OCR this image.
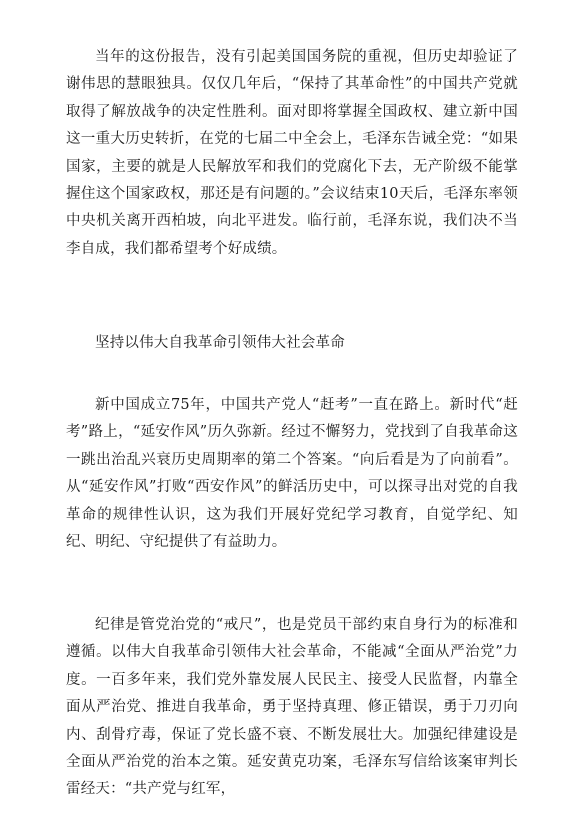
当年的这份报告，没有引起美国国务院的重视，但历史却验证了谢伟思的慧眼独具。仅仅几年后，“保持了其革命性”的中国共产党就取得了解放战争的决定性胜利。面对即将掌握全国政权、建立新中国这一重大历史转折，在党的七届二中全会上，毛泽东告诫全党：“如果国家，主要的就是人民解放军和我们的党腐化下去，无产阶级不能掌握住这个国家政权，那还是有问题的。”会议结束10天后，毛泽东率领中央机关离开西柏坡，向北平进发。临行前，毛泽东说，我们决不当李自成，我们都希望考个好成绩。

坚持以伟大自我革命引领伟大社会革命

新中国成立75年，中国共产党人“赶考”一直在路上。新时代“赶考”路上，“延安作风”历久弥新。经过不懈努力，党找到了自我革命这一跳出治乱兴衰历史周期率的第二个答案。“向后看是为了向前看”。从“延安作风”打败“西安作风”的鲜活历史中，可以探寻出对党的自我革命的规律性认识，这为我们开展好党纪学习教育，自觉学纪、知纪、明纪、守纪提供了有益助力。

纪律是管党治党的“戒尺”，也是党员干部约束自身行为的标准和遵循。以伟大自我革命引领伟大社会革命，不能减“全面从严治党”力度。一百多年来，我们党外靠发展人民民主、接受人民监督，内靠全面从严治党、推进自我革命，勇于坚持真理、修正错误，勇于刀刃向内、刮骨疗毒，保证了党长盛不衰、不断发展壮大。加强纪律建设是全面从严治党的治本之策。延安黄克功案，毛泽东写信给该案审判长雷经天：“共产党与红军，
